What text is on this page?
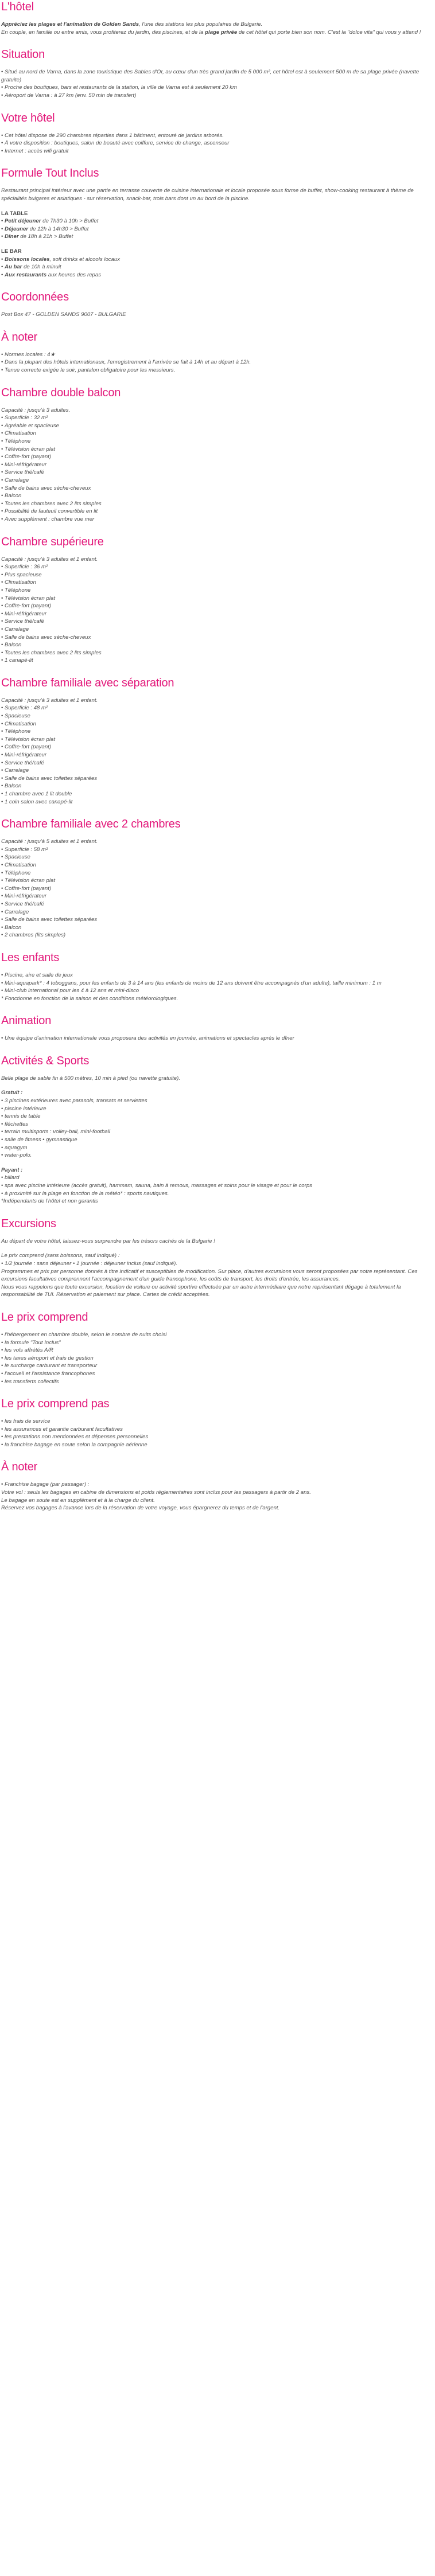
L'hôtel

Appréciez les plages et l'animation de Golden Sands, l'une des stations les plus populaires de Bulgarie.

En couple, en famille ou entre amis, vous profiterez du jardin, des piscines, et de la plage privée de cet hôtel qui porte bien son nom. C'est la "dolce vita" qui vous y attend !

Situation
• Situé au nord de Varna, dans la zone touristique des Sables d'Or, au cœur d'un très grand jardin de 5 000 m², cet hôtel est à seulement 500 m de sa plage privée (navette gratuite)
• Proche des boutiques, bars et restaurants de la station, la ville de Varna est à seulement 20 km
• Aéroport de Varna : à 27 km (env. 50 min de transfert)
Votre hôtel
• Cet hôtel dispose de 290 chambres réparties dans 1 bâtiment, entouré de jardins arborés.
• À votre disposition : boutiques, salon de beauté avec coiffure, service de change, ascenseur
• Internet : accès wifi gratuit
Formule Tout Inclus

Restaurant principal intérieur avec une partie en terrasse couverte de cuisine internationale et locale proposée sous forme de buffet, show-cooking restaurant à thème de spécialités bulgares et asiatiques - sur réservation, snack-bar, trois bars dont un au bord de la piscine.

LA TABLE

• Petit déjeuner de 7h30 à 10h > Buffet
• Déjeuner de 12h à 14h30 > Buffet
• Dîner de 18h à 21h > Buffet

LE BAR

• Boissons locales, soft drinks et alcools locaux
• Au bar de 10h à minuit
• Aux restaurants aux heures des repas
Coordonnées

Post Box 47 - GOLDEN SANDS 9007 - BULGARIE

À noter
• Normes locales : 4★
• Dans la plupart des hôtels internationaux, l'enregistrement à l'arrivée se fait à 14h et au départ à 12h.
• Tenue correcte exigée le soir, pantalon obligatoire pour les messieurs.
Chambre double balcon

Capacité : jusqu'à 3 adultes.

• Superficie : 32 m²
• Agréable et spacieuse
• Climatisation
• Téléphone
• Télévision écran plat
• Coffre-fort (payant)
• Mini-réfrigérateur
• Service thé/café
• Carrelage
• Salle de bains avec sèche-cheveux
• Balcon
• Toutes les chambres avec 2 lits simples
• Possibilité de fauteuil convertible en lit
• Avec supplément : chambre vue mer
Chambre supérieure

Capacité : jusqu'à 3 adultes et 1 enfant.

• Superficie : 36 m²
• Plus spacieuse
• Climatisation
• Téléphone
• Télévision écran plat
• Coffre-fort (payant)
• Mini-réfrigérateur
• Service thé/café
• Carrelage
• Salle de bains avec sèche-cheveux
• Balcon
• Toutes les chambres avec 2 lits simples
• 1 canapé-lit
Chambre familiale avec séparation

Capacité : jusqu'à 3 adultes et 1 enfant.

• Superficie : 48 m²
• Spacieuse
• Climatisation
• Téléphone
• Télévision écran plat
• Coffre-fort (payant)
• Mini-réfrigérateur
• Service thé/café
• Carrelage
• Salle de bains avec toilettes séparées
• Balcon
• 1 chambre avec 1 lit double
• 1 coin salon avec canapé-lit
Chambre familiale avec 2 chambres

Capacité : jusqu'à 5 adultes et 1 enfant.

• Superficie : 58 m²
• Spacieuse
• Climatisation
• Téléphone
• Télévision écran plat
• Coffre-fort (payant)
• Mini-réfrigérateur
• Service thé/café
• Carrelage
• Salle de bains avec toilettes séparées
• Balcon
• 2 chambres (lits simples)
Les enfants
• Piscine, aire et salle de jeux
• Mini-aquapark* : 4 toboggans, pour les enfants de 3 à 14 ans (les enfants de moins de 12 ans doivent être accompagnés d'un adulte), taille minimum : 1 m
• Mini-club international pour les 4 à 12 ans et mini-disco

* Fonctionne en fonction de la saison et des conditions météorologiques.

Animation
• Une équipe d'animation internationale vous proposera des activités en journée, animations et spectacles après le dîner
Activités & Sports

Belle plage de sable fin à 500 mètres, 10 min à pied (ou navette gratuite).

Gratuit :

• 3 piscines extérieures avec parasols, transats et serviettes
• piscine intérieure
• tennis de table
• fléchettes
• terrain multisports : volley-ball, mini-football
• salle de fitness • gymnastique
• aquagym
• water-polo.

Payant :

• billard
• spa avec piscine intérieure (accès gratuit), hammam, sauna, bain à remous, massages et soins pour le visage et pour le corps
• à proximité sur la plage en fonction de la météo* : sports nautiques.

*Indépendants de l'hôtel et non garantis

Excursions

Au départ de votre hôtel, laissez-vous surprendre par les trésors cachés de la Bulgarie !

Le prix comprend (sans boissons, sauf indiqué) :

• 1/2 journée : sans déjeuner • 1 journée : déjeuner inclus (sauf indiqué).

Programmes et prix par personne donnés à titre indicatif et susceptibles de modification. Sur place, d'autres excursions vous seront proposées par notre représentant. Ces excursions facultatives comprennent l'accompagnement d'un guide francophone, les coûts de transport, les droits d'entrée, les assurances.

Nous vous rappelons que toute excursion, location de voiture ou activité sportive effectuée par un autre intermédiaire que notre représentant dégage à totalement la responsabilité de TUI. Réservation et paiement sur place. Cartes de crédit acceptées.

Le prix comprend
• l'hébergement en chambre double, selon le nombre de nuits choisi
• la formule "Tout Inclus"
• les vols affrétés A/R
• les taxes aéroport et frais de gestion
• le surcharge carburant et transporteur
• l'accueil et l'assistance francophones
• les transferts collectifs
Le prix comprend pas
• les frais de service
• les assurances et garantie carburant facultatives
• les prestations non mentionnées et dépenses personnelles
• la franchise bagage en soute selon la compagnie aérienne
À noter
• Franchise bagage (par passager) :

Votre vol : seuls les bagages en cabine de dimensions et poids réglementaires sont inclus pour les passagers à partir de 2 ans.

Le bagage en soute est en supplément et à la charge du client.

Réservez vos bagages à l'avance lors de la réservation de votre voyage, vous épargnerez du temps et de l'argent.
